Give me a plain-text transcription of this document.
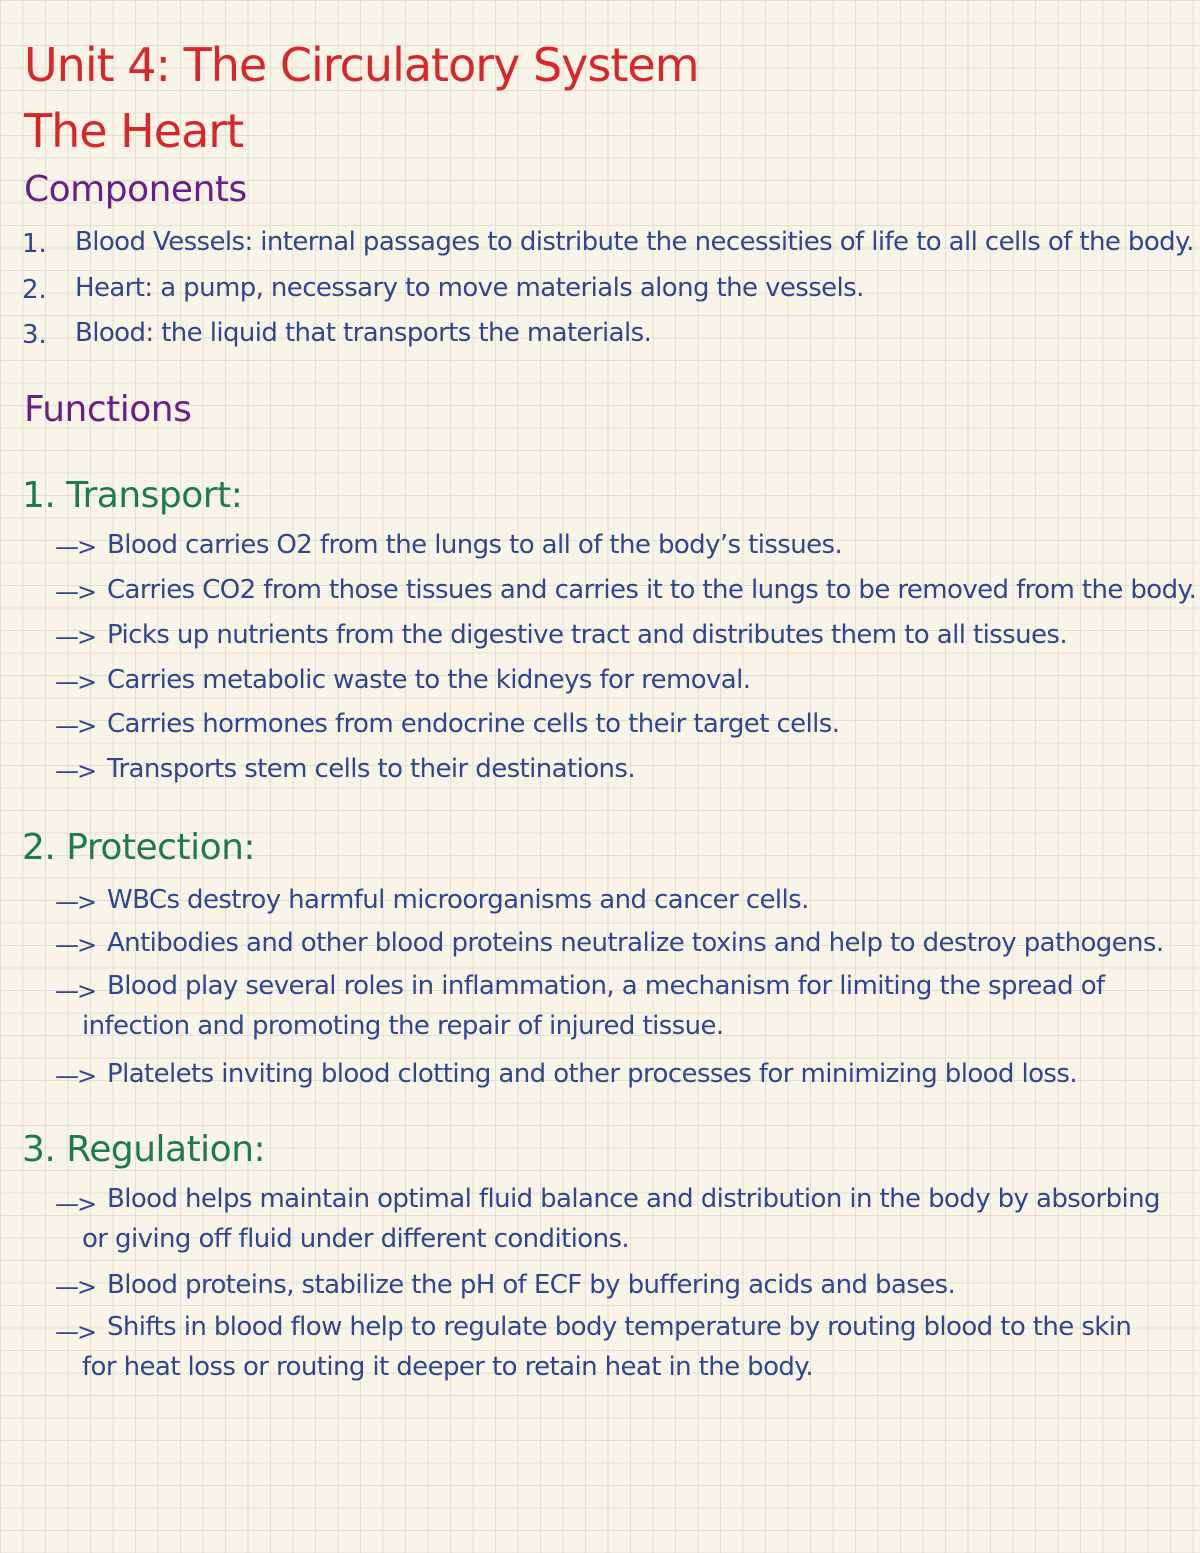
Unit 4: The Circulatory System
The Heart
Components
1. Blood Vessels: internal passages to distribute the necessities of life to all cells of the body.
2. Heart: a pump, necessary to move materials along the vessels.
3. Blood: the liquid that transports the materials.
Functions
1. Transport:
—> Blood carries O2 from the lungs to all of the body’s tissues.
—> Carries CO2 from those tissues and carries it to the lungs to be removed from the body.
—> Picks up nutrients from the digestive tract and distributes them to all tissues.
—> Carries metabolic waste to the kidneys for removal.
—> Carries hormones from endocrine cells to their target cells.
—> Transports stem cells to their destinations.
2. Protection:
—> WBCs destroy harmful microorganisms and cancer cells.
—> Antibodies and other blood proteins neutralize toxins and help to destroy pathogens.
—> Blood play several roles in inflammation, a mechanism for limiting the spread of infection and promoting the repair of injured tissue.
—> Platelets inviting blood clotting and other processes for minimizing blood loss.
3. Regulation:
—> Blood helps maintain optimal fluid balance and distribution in the body by absorbing or giving off fluid under different conditions.
—> Blood proteins, stabilize the pH of ECF by buffering acids and bases.
—> Shifts in blood flow help to regulate body temperature by routing blood to the skin for heat loss or routing it deeper to retain heat in the body.
